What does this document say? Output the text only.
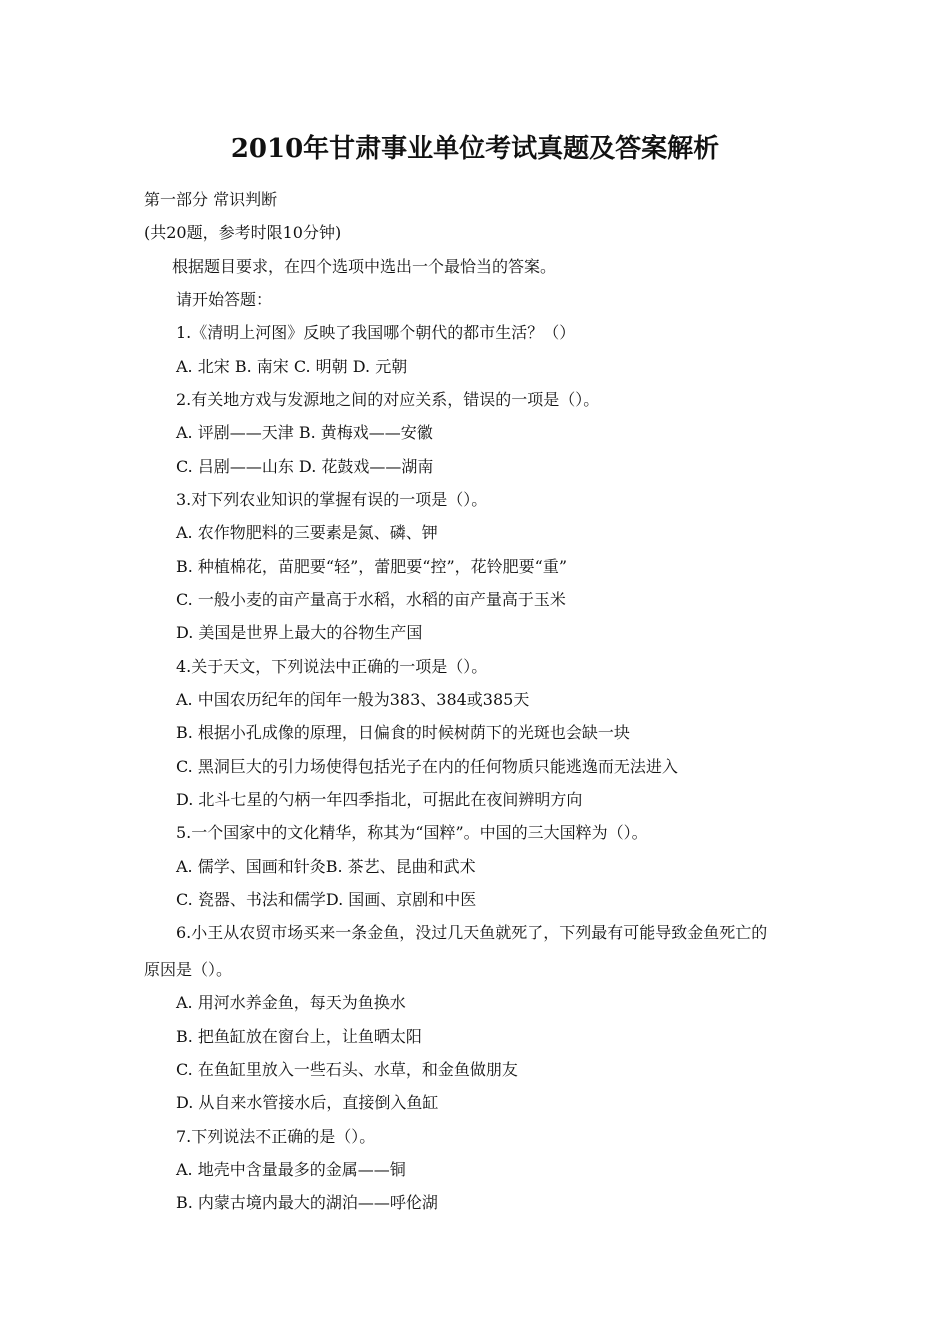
2010年甘肃事业单位考试真题及答案解析
第一部分 常识判断
(共20题，参考时限10分钟)
根据题目要求，在四个选项中选出一个最恰当的答案。
请开始答题：
1.《清明上河图》反映了我国哪个朝代的都市生活？（）
A. 北宋 B. 南宋 C. 明朝 D. 元朝
2.有关地方戏与发源地之间的对应关系，错误的一项是（）。
A. 评剧——天津 B. 黄梅戏——安徽
C. 吕剧——山东 D. 花鼓戏——湖南
3.对下列农业知识的掌握有误的一项是（）。
A. 农作物肥料的三要素是氮、磷、钾
B. 种植棉花，苗肥要“轻”，蕾肥要“控”，花铃肥要“重”
C. 一般小麦的亩产量高于水稻，水稻的亩产量高于玉米
D. 美国是世界上最大的谷物生产国
4.关于天文，下列说法中正确的一项是（）。
A. 中国农历纪年的闰年一般为383、384或385天
B. 根据小孔成像的原理，日偏食的时候树荫下的光斑也会缺一块
C. 黑洞巨大的引力场使得包括光子在内的任何物质只能逃逸而无法进入
D. 北斗七星的勺柄一年四季指北，可据此在夜间辨明方向
5.一个国家中的文化精华，称其为“国粹”。中国的三大国粹为（）。
A. 儒学、国画和针灸B. 茶艺、昆曲和武术
C. 瓷器、书法和儒学D. 国画、京剧和中医
6.小王从农贸市场买来一条金鱼，没过几天鱼就死了，下列最有可能导致金鱼死亡的
原因是（）。
A. 用河水养金鱼，每天为鱼换水
B. 把鱼缸放在窗台上，让鱼晒太阳
C. 在鱼缸里放入一些石头、水草，和金鱼做朋友
D. 从自来水管接水后，直接倒入鱼缸
7.下列说法不正确的是（）。
A. 地壳中含量最多的金属——铜
B. 内蒙古境内最大的湖泊——呼伦湖
